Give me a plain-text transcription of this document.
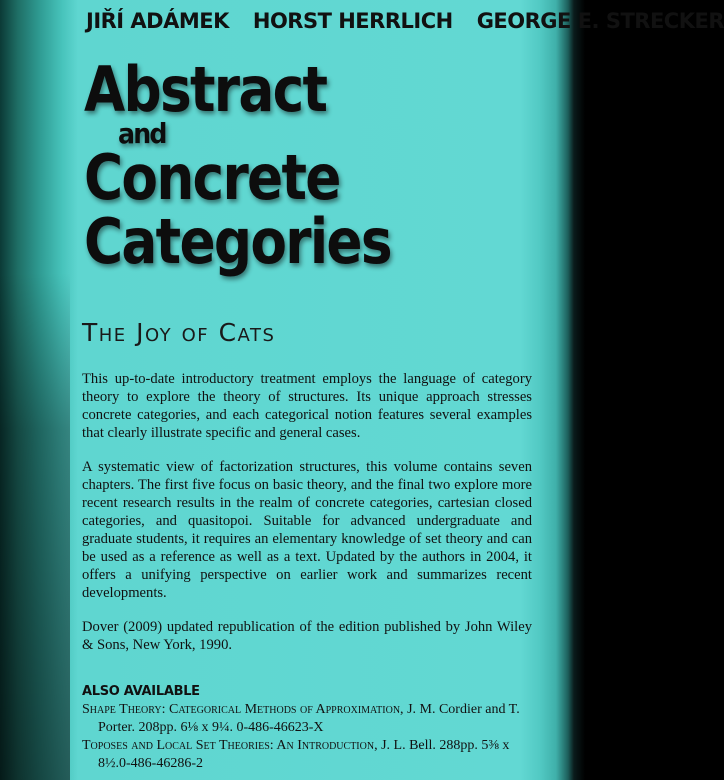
JIŘÍ ADÁMEK HORST HERRLICH GEORGE E. STRECKER
Abstract
and
Concrete
Categories
The Joy of Cats

This up-to-date introductory treatment employs the language of category theory to explore the theory of structures. Its unique approach stresses concrete categories, and each categorical notion features several examples that clearly illustrate specific and general cases.

A systematic view of factorization structures, this volume contains seven chapters. The first five focus on basic theory, and the final two explore more recent research results in the realm of concrete categories, cartesian closed categories, and quasitopoi. Suitable for advanced undergraduate and graduate students, it requires an elementary knowledge of set theory and can be used as a reference as well as a text. Updated by the authors in 2004, it offers a unifying perspective on earlier work and summarizes recent developments.

Dover (2009) updated republication of the edition published by John Wiley & Sons, New York, 1990.

ALSO AVAILABLE

Shape Theory: Categorical Methods of Approximation, J. M. Cordier and T. Porter. 208pp. 6⅛ x 9¼. 0-486-46623-X

Toposes and Local Set Theories: An Introduction, J. L. Bell. 288pp. 5⅜ x 8½.0-486-46286-2
